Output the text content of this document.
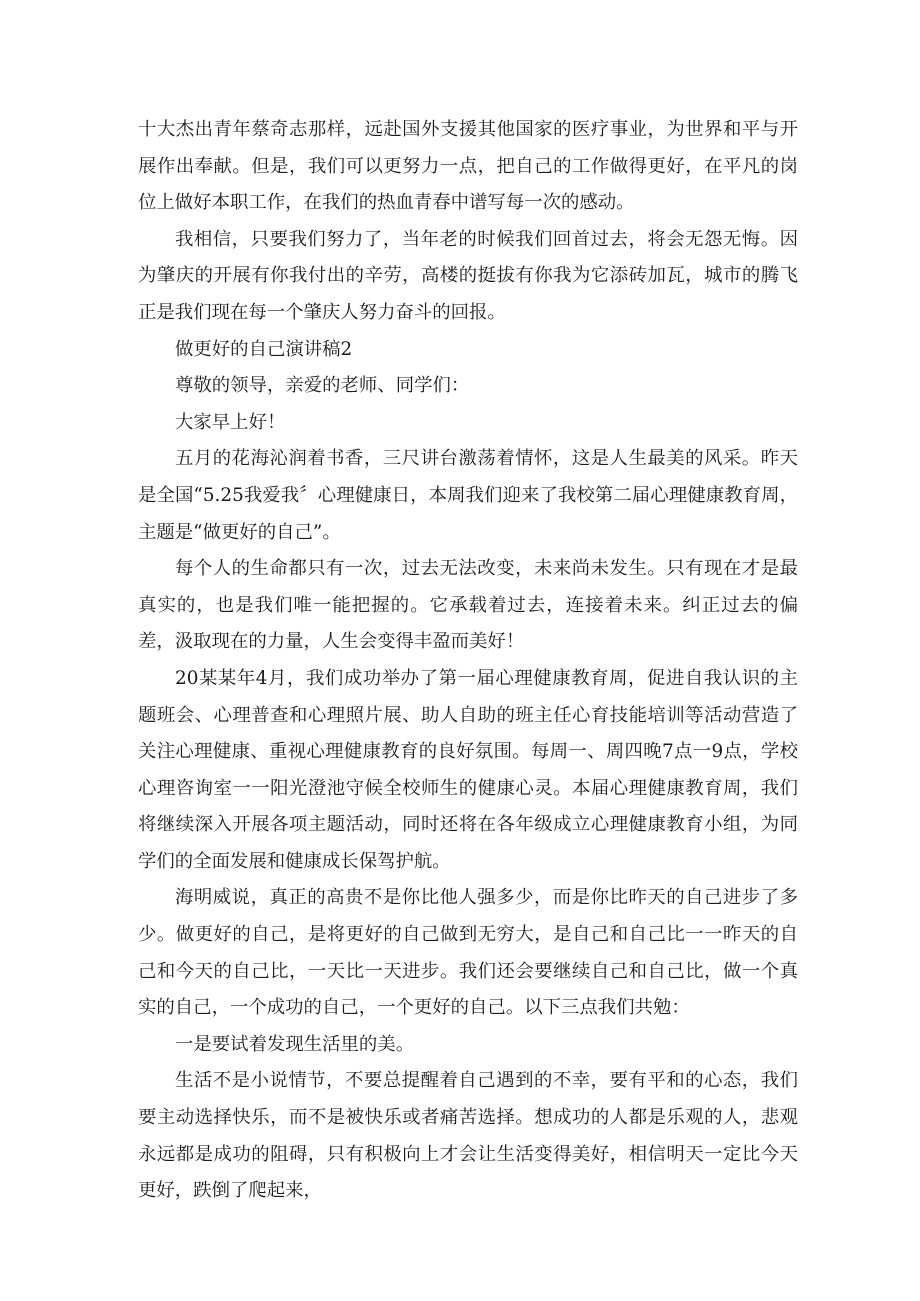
十大杰出青年蔡奇志那样，远赴国外支援其他国家的医疗事业，为世界和平与开展作出奉献。但是，我们可以更努力一点，把自己的工作做得更好，在平凡的岗位上做好本职工作，在我们的热血青春中谱写每一次的感动。

我相信，只要我们努力了，当年老的时候我们回首过去，将会无怨无悔。因为肇庆的开展有你我付出的辛劳，高楼的挺拔有你我为它添砖加瓦，城市的腾飞正是我们现在每一个肇庆人努力奋斗的回报。

做更好的自己演讲稿2

尊敬的领导，亲爱的老师、同学们：

大家早上好！

五月的花海沁润着书香，三尺讲台激荡着情怀，这是人生最美的风采。昨天是全国“5.25我爱我〞心理健康日，本周我们迎来了我校第二届心理健康教育周，主题是“做更好的自己”。

每个人的生命都只有一次，过去无法改变，未来尚未发生。只有现在才是最真实的，也是我们唯一能把握的。它承载着过去，连接着未来。纠正过去的偏差，汲取现在的力量，人生会变得丰盈而美好！

20某某年4月，我们成功举办了第一届心理健康教育周，促进自我认识的主题班会、心理普查和心理照片展、助人自助的班主任心育技能培训等活动营造了关注心理健康、重视心理健康教育的良好氛围。每周一、周四晚7点一9点，学校心理咨询室一一阳光澄池守候全校师生的健康心灵。本届心理健康教育周，我们将继续深入开展各项主题活动，同时还将在各年级成立心理健康教育小组，为同学们的全面发展和健康成长保驾护航。

海明威说，真正的高贵不是你比他人强多少，而是你比昨天的自己进步了多少。做更好的自己，是将更好的自己做到无穷大，是自己和自己比一一昨天的自己和今天的自己比，一天比一天进步。我们还会要继续自己和自己比，做一个真实的自己，一个成功的自己，一个更好的自己。以下三点我们共勉：

一是要试着发现生活里的美。

生活不是小说情节，不要总提醒着自己遇到的不幸，要有平和的心态，我们要主动选择快乐，而不是被快乐或者痛苦选择。想成功的人都是乐观的人，悲观永远都是成功的阻碍，只有积极向上才会让生活变得美好，相信明天一定比今天更好，跌倒了爬起来，
